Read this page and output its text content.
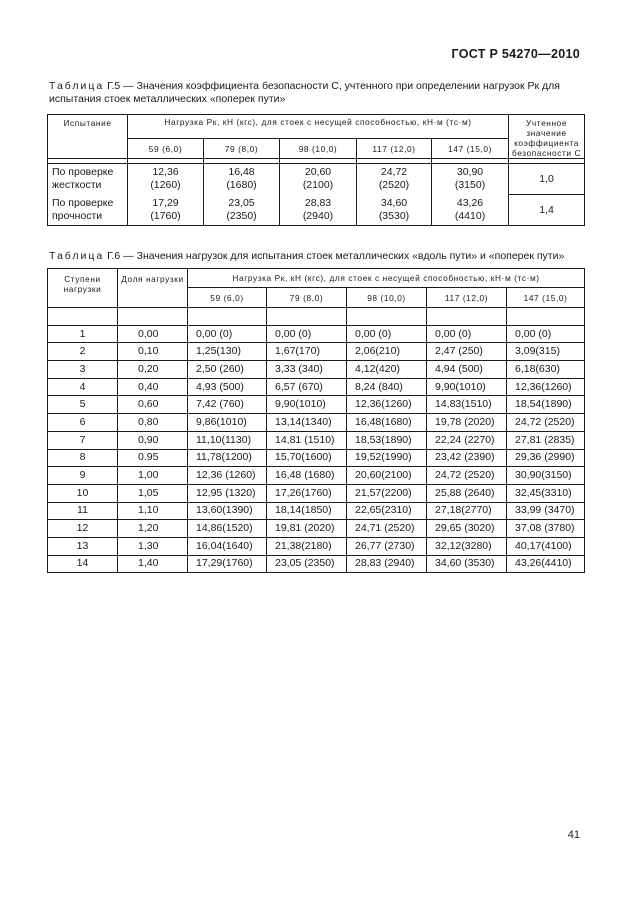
ГОСТ Р 54270—2010
Таблица Г.5 — Значения коэффициента безопасности С, учтенного при определении нагрузок Pк для испытания стоек металлических «поперек пути»
Испытание	Нагрузка Pк, кН (кгс), для стоек с несущей способностью, кН·м (тс·м)					Учтенное значение коэффициента безопасности С
	59 (6,0)	79 (8,0)	98 (10,0)	117 (12,0)	147 (15,0)	

По проверке жесткости	12,36
(1260)	16,48
(1680)	20,60
(2100)	24,72
(2520)	30,90
(3150)	1,0
По проверке прочности	17,29
(1760)	23,05
(2350)	28,83
(2940)	34,60
(3530)	43,26
(4410)	1,4
Таблица Г.6 — Значения нагрузок для испытания стоек металлических «вдоль пути» и «поперек пути»
Ступени нагрузки	Доля нагрузки	Нагрузка Pк, кН (кгс), для стоек с несущей способностью, кН·м (тс·м)				
		59 (6,0)	79 (8,0)	98 (10,0)	117 (12,0)	147 (15,0)

1	0,00	0,00 (0)	0,00 (0)	0,00 (0)	0,00 (0)	0,00 (0)
2	0,10	1,25(130)	1,67(170)	2,06(210)	2,47 (250)	3,09(315)
3	0,20	2,50 (260)	3,33 (340)	4,12(420)	4,94 (500)	6,18(630)
4	0,40	4,93 (500)	6,57 (670)	8,24 (840)	9,90(1010)	12,36(1260)
5	0,60	7,42 (760)	9,90(1010)	12,36(1260)	14,83(1510)	18,54(1890)
6	0,80	9,86(1010)	13,14(1340)	16,48(1680)	19,78 (2020)	24,72 (2520)
7	0,90	11,10(1130)	14,81 (1510)	18,53(1890)	22,24 (2270)	27,81 (2835)
8	0.95	11,78(1200)	15,70(1600)	19,52(1990)	23,42 (2390)	29,36 (2990)
9	1,00	12,36 (1260)	16,48 (1680)	20,60(2100)	24,72 (2520)	30,90(3150)
10	1,05	12,95 (1320)	17,26(1760)	21,57(2200)	25,88 (2640)	32,45(3310)
11	1,10	13,60(1390)	18,14(1850)	22,65(2310)	27,18(2770)	33,99 (3470)
12	1,20	14,86(1520)	19,81 (2020)	24,71 (2520)	29,65 (3020)	37,08 (3780)
13	1,30	16,04(1640)	21,38(2180)	26,77 (2730)	32,12(3280)	40,17(4100)
14	1,40	17,29(1760)	23,05 (2350)	28,83 (2940)	34,60 (3530)	43,26(4410)
41
